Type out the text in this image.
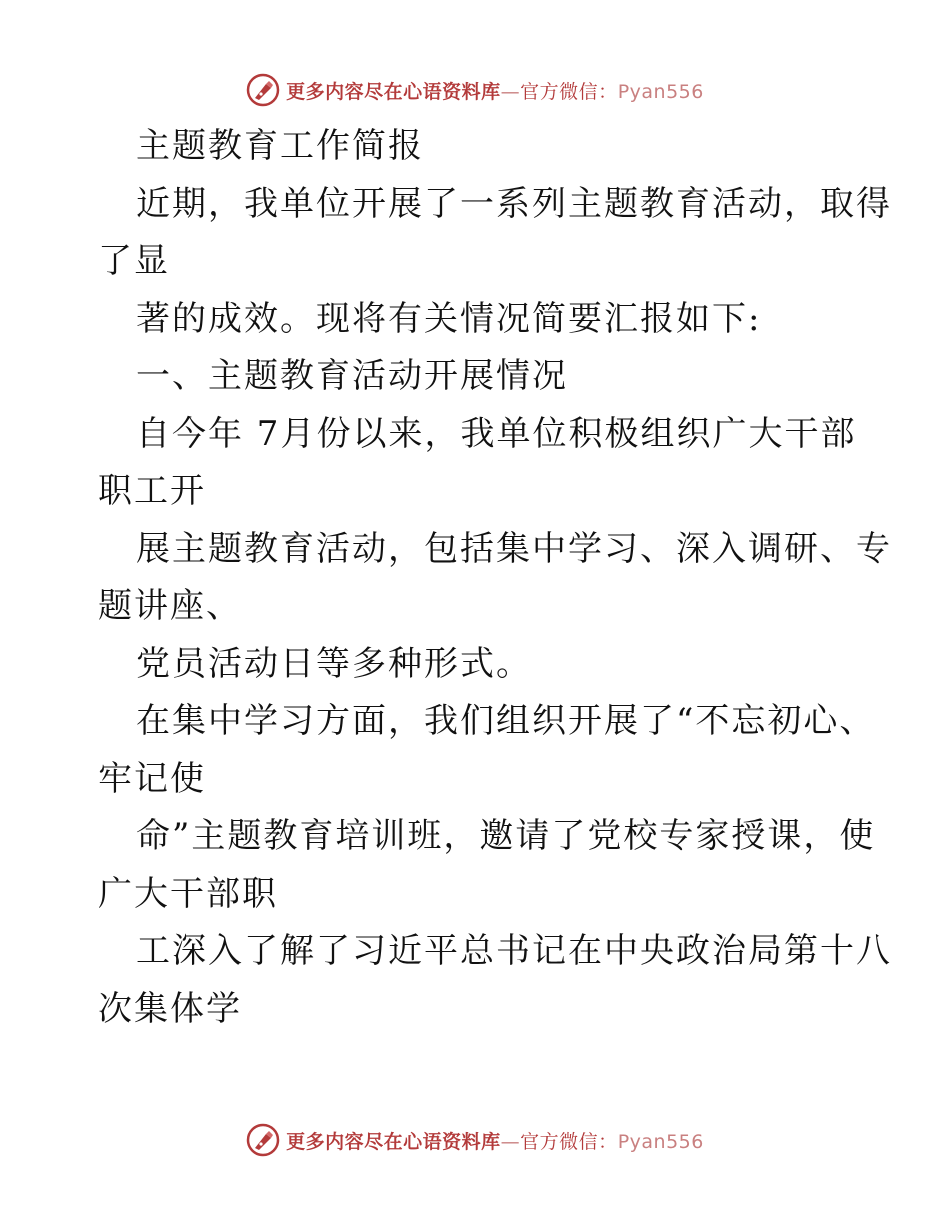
更多内容尽在心语资料库—官方微信：Pyan556
主题教育工作简报
近期，我单位开展了一系列主题教育活动，取得
了显
著的成效。现将有关情况简要汇报如下:
一、主题教育活动开展情况
自今年 7月份以来，我单位积极组织广大干部
职工开
展主题教育活动，包括集中学习、深入调研、专
题讲座、
党员活动日等多种形式。
在集中学习方面，我们组织开展了“不忘初心、
牢记使
命”主题教育培训班，邀请了党校专家授课，使
广大干部职
工深入了解了习近平总书记在中央政治局第十八
次集体学
更多内容尽在心语资料库—官方微信：Pyan556
